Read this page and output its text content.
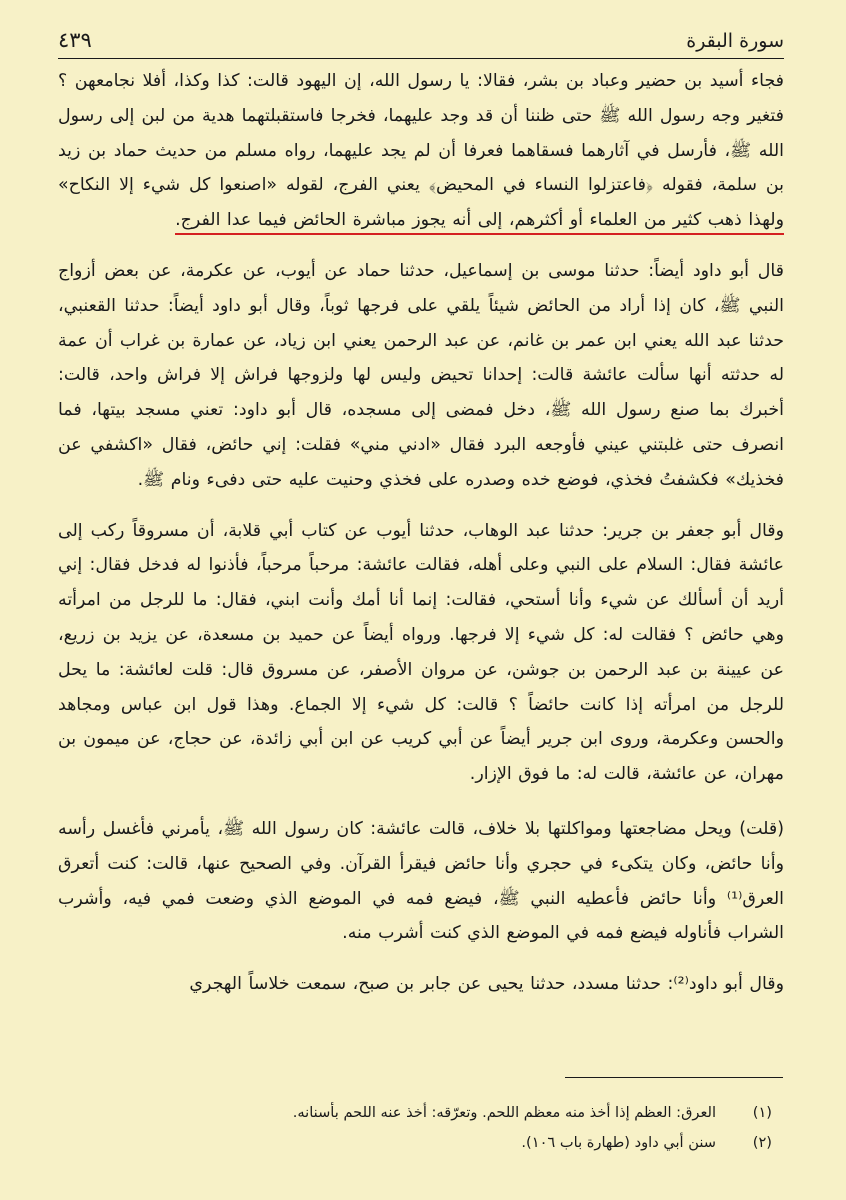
سورة البقرة
٤٣٩

فجاء أسيد بن حضير وعباد بن بشر، فقالا: يا رسول الله، إن اليهود قالت: كذا وكذا، أفلا نجامعهن ؟ فتغير وجه رسول الله ﷺ حتى ظننا أن قد وجد عليهما، فخرجا فاستقبلتهما هدية من لبن إلى رسول الله ﷺ، فأرسل في آثارهما فسقاهما فعرفا أن لم يجد عليهما، رواه مسلم من حديث حماد بن زيد بن سلمة، فقوله ﴿فاعتزلوا النساء في المحيض﴾ يعني الفرج، لقوله «اصنعوا كل شيء إلا النكاح» ولهذا ذهب كثير من العلماء أو أكثرهم، إلى أنه يجوز مباشرة الحائض فيما عدا الفرج.

قال أبو داود أيضاً: حدثنا موسى بن إسماعيل، حدثنا حماد عن أيوب، عن عكرمة، عن بعض أزواج النبي ﷺ، كان إذا أراد من الحائض شيئاً يلقي على فرجها ثوباً، وقال أبو داود أيضاً: حدثنا القعنبي، حدثنا عبد الله يعني ابن عمر بن غانم، عن عبد الرحمن يعني ابن زياد، عن عمارة بن غراب أن عمة له حدثته أنها سألت عائشة قالت: إحدانا تحيض وليس لها ولزوجها فراش إلا فراش واحد، قالت: أخبرك بما صنع رسول الله ﷺ، دخل فمضى إلى مسجده، قال أبو داود: تعني مسجد بيتها، فما انصرف حتى غلبتني عيني فأوجعه البرد فقال «ادني مني» فقلت: إني حائض، فقال «اكشفي عن فخذيك» فكشفتُ فخذي، فوضع خده وصدره على فخذي وحنيت عليه حتى دفىء ونام ﷺ.

وقال أبو جعفر بن جرير: حدثنا عبد الوهاب، حدثنا أيوب عن كتاب أبي قلابة، أن مسروقاً ركب إلى عائشة فقال: السلام على النبي وعلى أهله، فقالت عائشة: مرحباً مرحباً، فأذنوا له فدخل فقال: إني أريد أن أسألك عن شيء وأنا أستحي، فقالت: إنما أنا أمك وأنت ابني، فقال: ما للرجل من امرأته وهي حائض ؟ فقالت له: كل شيء إلا فرجها. ورواه أيضاً عن حميد بن مسعدة، عن يزيد بن زريع، عن عيينة بن عبد الرحمن بن جوشن، عن مروان الأصفر، عن مسروق قال: قلت لعائشة: ما يحل للرجل من امرأته إذا كانت حائضاً ؟ قالت: كل شيء إلا الجماع. وهذا قول ابن عباس ومجاهد والحسن وعكرمة، وروى ابن جرير أيضاً عن أبي كريب عن ابن أبي زائدة، عن حجاج، عن ميمون بن مهران، عن عائشة، قالت له: ما فوق الإزار.

(قلت) ويحل مضاجعتها ومواكلتها بلا خلاف، قالت عائشة: كان رسول الله ﷺ، يأمرني فأغسل رأسه وأنا حائض، وكان يتكىء في حجري وأنا حائض فيقرأ القرآن. وفي الصحيح عنها، قالت: كنت أتعرق العرق⁽¹⁾ وأنا حائض فأعطيه النبي ﷺ، فيضع فمه في الموضع الذي وضعت فمي فيه، وأشرب الشراب فأناوله فيضع فمه في الموضع الذي كنت أشرب منه.

وقال أبو داود⁽²⁾: حدثنا مسدد، حدثنا يحيى عن جابر بن صبح، سمعت خلاساً الهجري

(١)
العرق: العظم إذا أخذ منه معظم اللحم. وتعرّقه: أخذ عنه اللحم بأسنانه.
(٢)
سنن أبي داود (طهارة باب ١٠٦).
